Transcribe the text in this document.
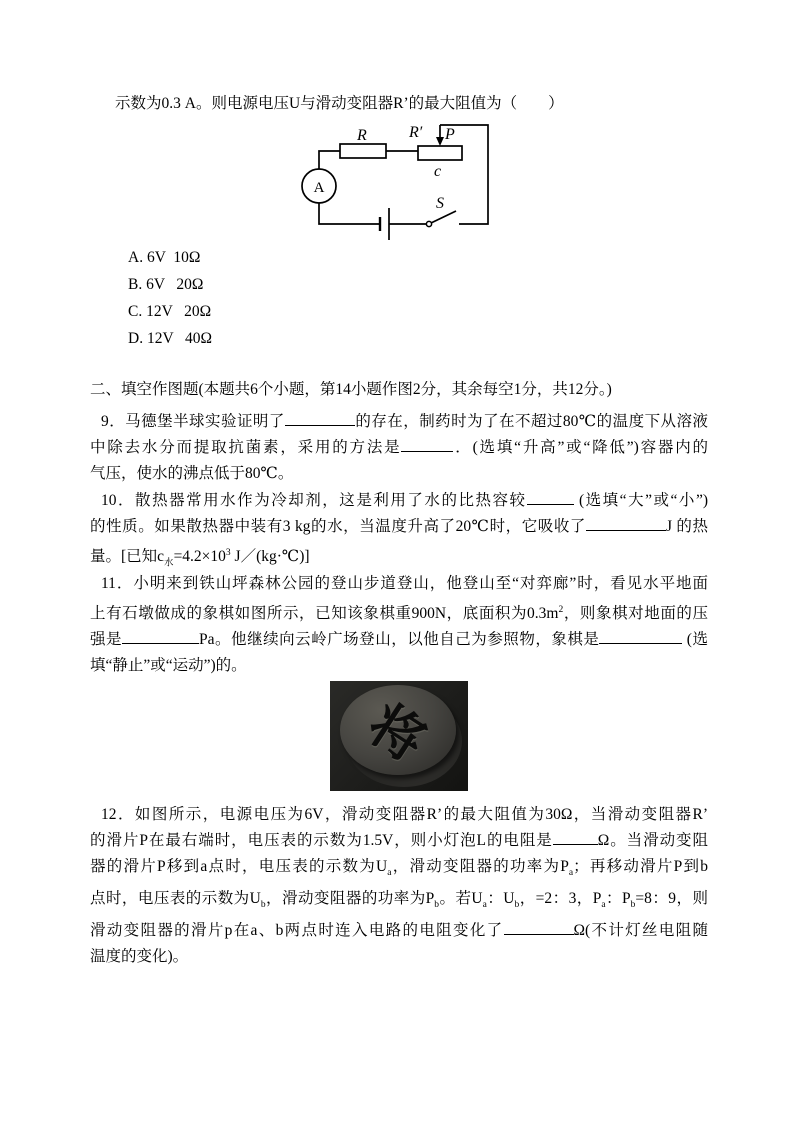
示数为0.3 A。则电源电压U与滑动变阻器R’的最大阻值为（　　）
A
R	R′ P
c
S
A. 6V  10Ω
B. 6V   20Ω
C. 12V   20Ω
D. 12V   40Ω
二、填空作图题(本题共6个小题，第14小题作图2分，其余每空1分，共12分。)
9．马德堡半球实验证明了	的存在，制药时为了在不超过80℃的温度下从溶液
中除去水分而提取抗菌素，采用的方法是	．(选填“升高”或“降低”)容器内的
气压，使水的沸点低于80℃。
10．散热器常用水作为冷却剂，这是利用了水的比热容较	(选填“大”或“小”)
的性质。如果散热器中装有3 kg的水，当温度升高了20℃时，它吸收了	J 的热
量。[已知$c_水=4.2\times 10^3$ J／(kg·℃)]
11．小明来到铁山坪森林公园的登山步道登山，他登山至“对弈廊”时，看见水平地面
上有石墩做成的象棋如图所示，已知该象棋重900N，底面积为$0.3m^2$，则象棋对地面的压
强是	Pa。他继续向云岭广场登山，以他自己为参照物，象棋是	(选
填“静止”或“运动”)的。
12．如图所示，电源电压为6V，滑动变阻器R’的最大阻值为30Ω，当滑动变阻器R’
的滑片P在最右端时，电压表的示数为1.5V，则小灯泡L的电阻是	Ω。当滑动变阻
器的滑片P移到a点时，电压表的示数为$U_a$，滑动变阻器的功率为$P_a$；再移动滑片P到b
点时，电压表的示数为$U_b$，滑动变阻器的功率为$P_b$。若$U_a$：$U_b$，=2：3，$P_a$：$P_b=8$：9，则
滑动变阻器的滑片p在a、b两点时连入电路的电阻变化了	Ω(不计灯丝电阻随
温度的变化)。
将
